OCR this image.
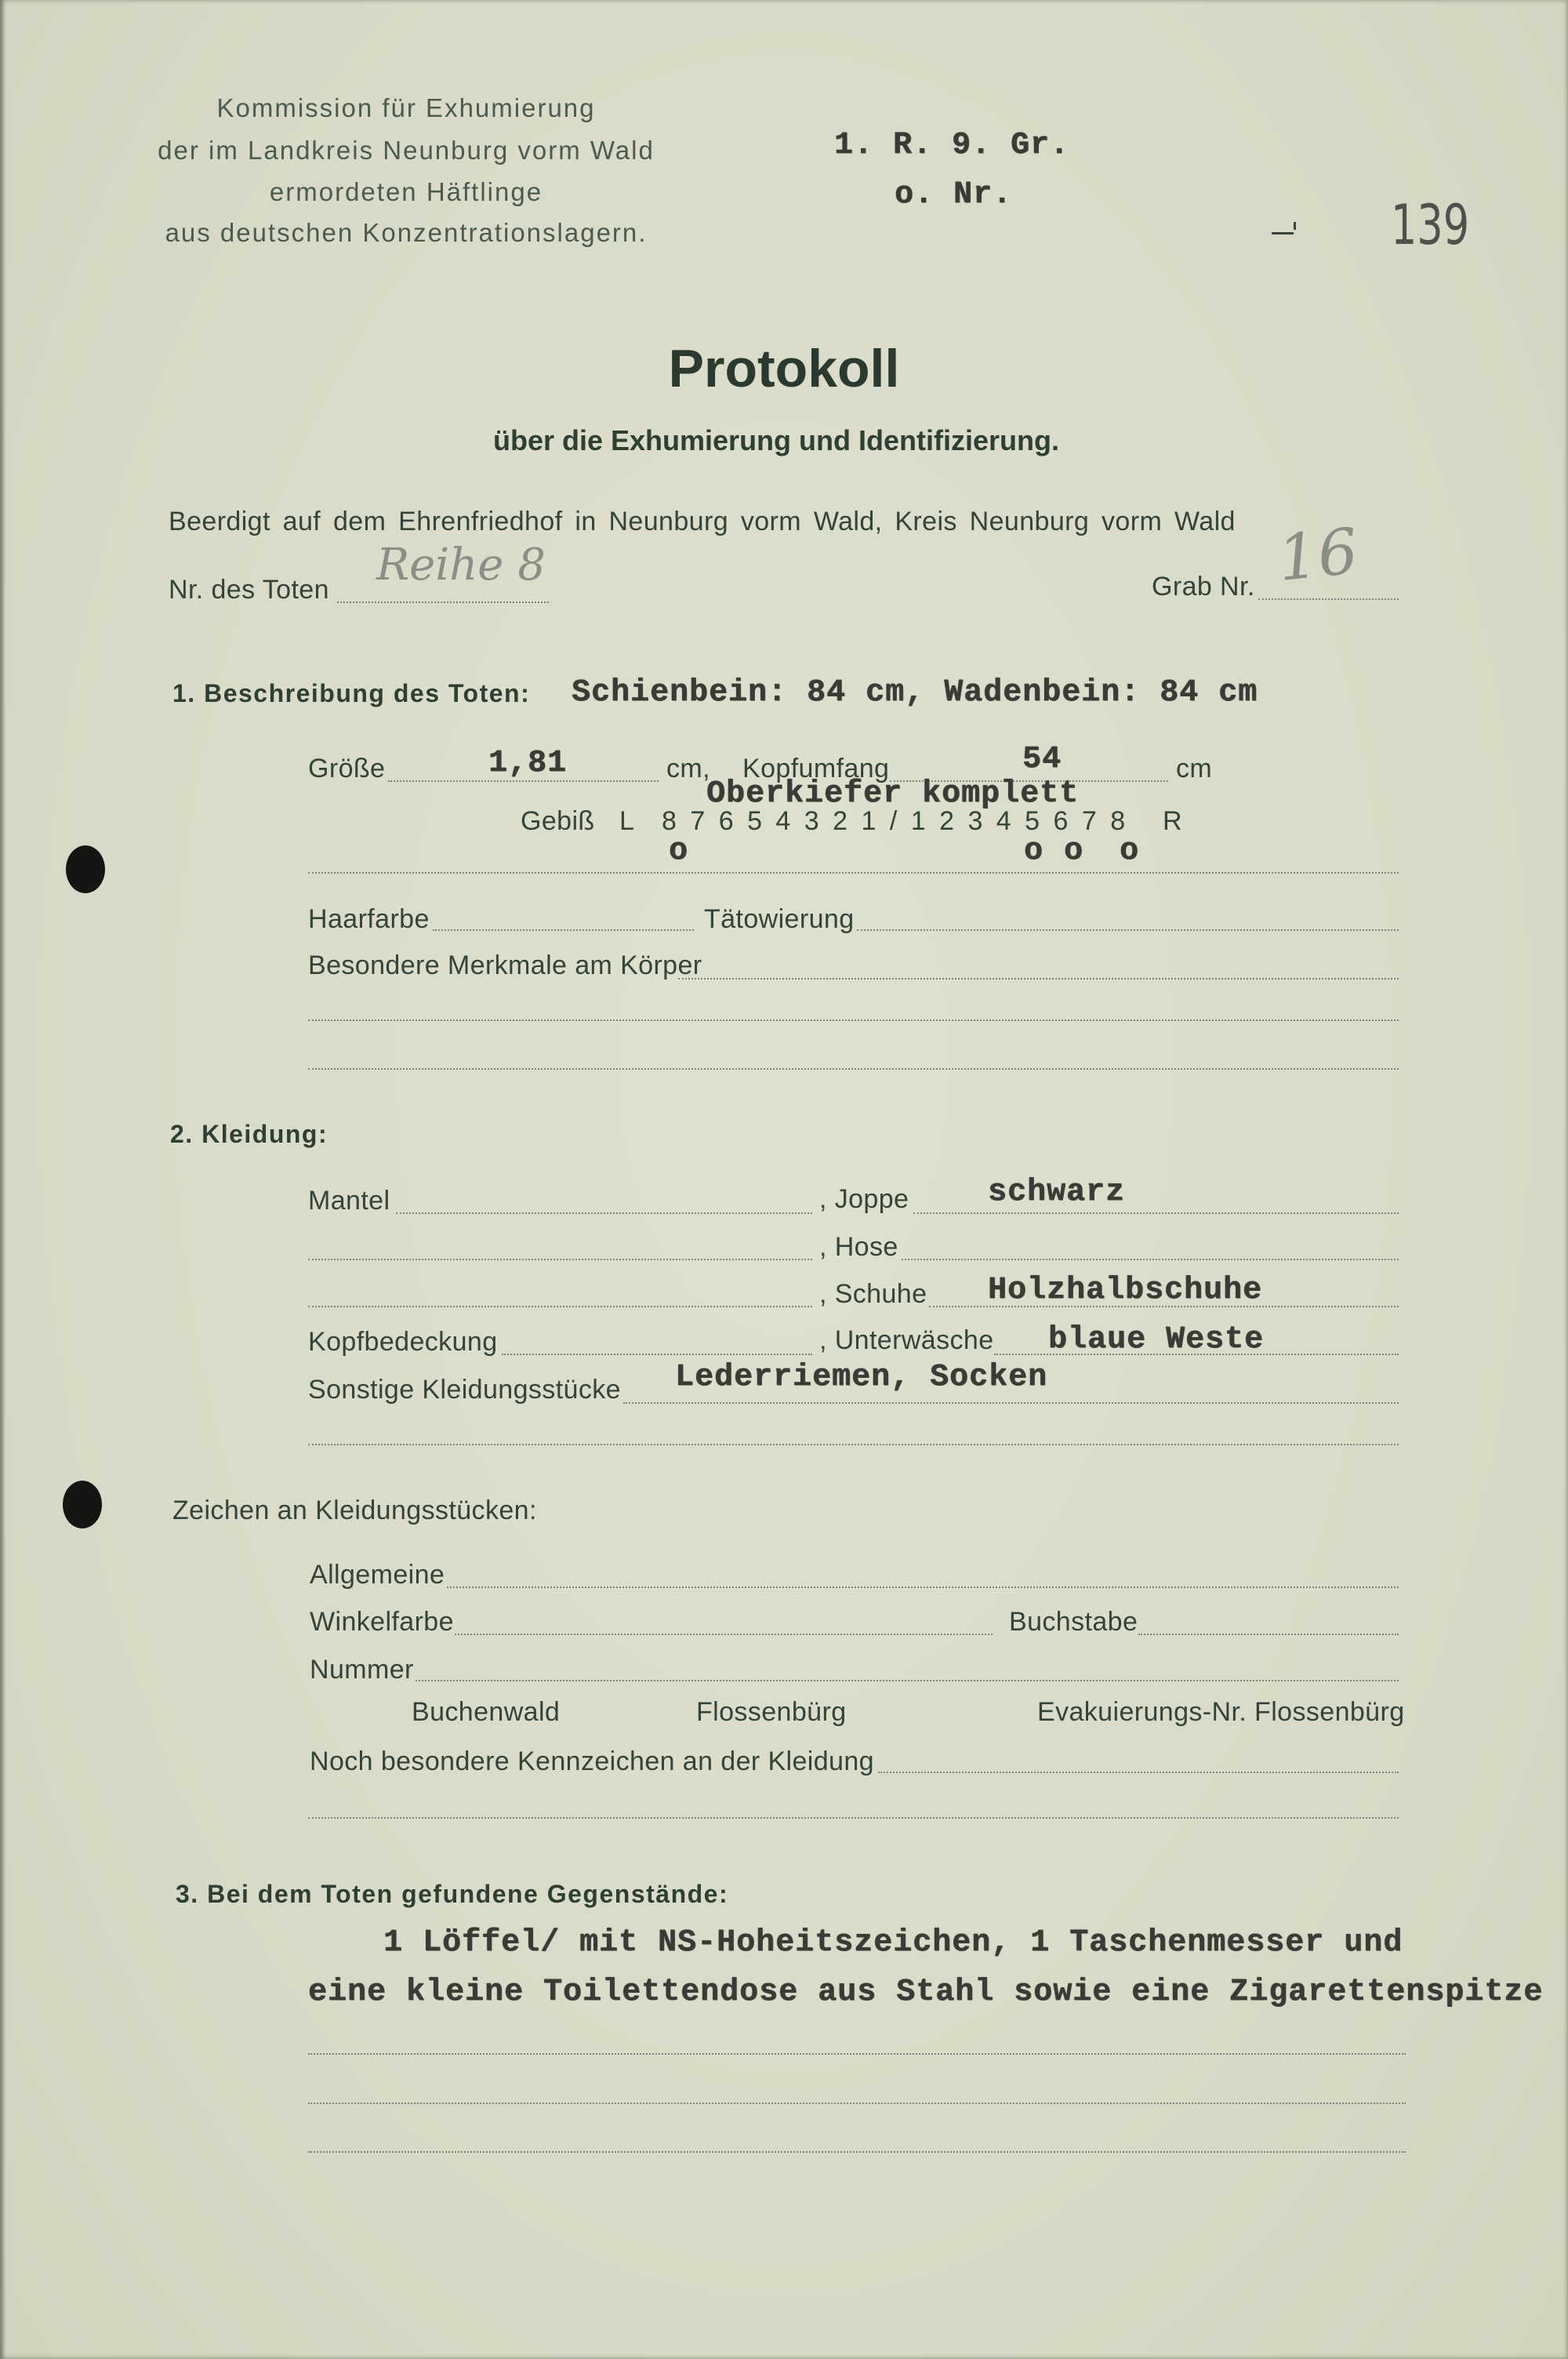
Kommission für Exhumierung
der im Landkreis Neunburg vorm Wald
ermordeten Häftlinge
aus deutschen Konzentrationslagern.
1. R. 9. Gr.
o. Nr.	139
Protokoll
über die Exhumierung und Identifizierung.
Beerdigt auf dem Ehrenfriedhof in Neunburg vorm Wald, Kreis Neunburg vorm Wald
Nr. des Toten Reihe 8	Grab Nr. 16
1. Beschreibung des Toten: Schienbein: 84 cm, Wadenbein: 84 cm
Größe	1,81	cm, Kopfumfang	54	cm
Oberkiefer komplett
Gebiß L 8 7 6 5 4 3 2 1 / 1 2 3 4 5 6 7 8 R
o	o o o
Haarfarbe	Tätowierung
Besondere Merkmale am Körper
2. Kleidung:
Mantel	, Joppe	schwarz
, Hose
, Schuhe Holzhalbschuhe
Kopfbedeckung	, Unterwäsche blaue Weste
Sonstige Kleidungsstücke Lederriemen, Socken
Zeichen an Kleidungsstücken:
Allgemeine
Winkelfarbe	Buchstabe
Nummer
Buchenwald	Flossenbürg	Evakuierungs-Nr. Flossenbürg
Noch besondere Kennzeichen an der Kleidung
3. Bei dem Toten gefundene Gegenstände:
1 Löffel/ mit NS-Hoheitszeichen, 1 Taschenmesser und
eine kleine Toilettendose aus Stahl sowie eine Zigarettenspitze
